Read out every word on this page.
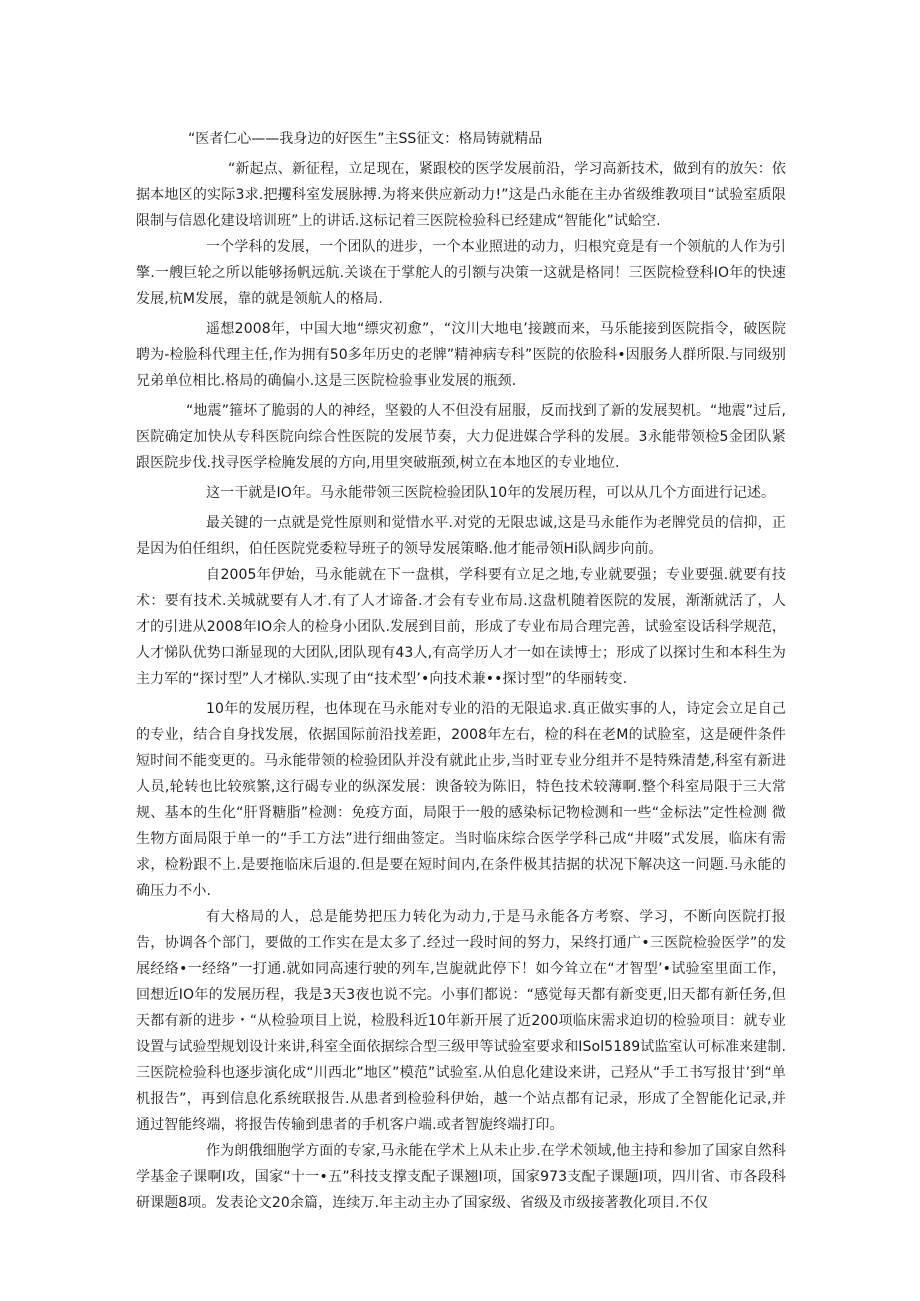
“医者仁心——我身边的好医生”主SS征文：格局铸就精品

“新起点、新征程，立足现在，紧跟校的医学发展前沿，学习高新技术，做到有的放矢：依据本地区的实际3求.把攫科室发展脉搏.为将来供应新动力!”这是凸永能在主办省级维教项目“试验室质限限制与信恩化建设培训班”上的讲话.这标记着三医院检验科已经建成“智能化”试蛤空.

一个学科的发展，一个团队的进步，一个本业照进的动力，归根究竟是有一个领航的人作为引擎.一艘巨轮之所以能够扬帆远航.关谈在于掌舵人的引额与决策一这就是格同！三医院检登科IO年的快速发展,杭M发展，靠的就是领航人的格局.

遥想2008年，中国大地“缥灾初愈”，“汶川大地电’接踱而来，马乐能接到医院指令，破医院聘为-检脸科代理主任,作为拥有50多年历史的老牌”精神病专科”医院的依脸科•因服务人群所限.与同级别兄弟单位相比.格局的确偏小.这是三医院检验事业发展的瓶颈.

“地震”箍坏了脆弱的人的神经，坚毅的人不但没有屈服，反而找到了新的发展契机。“地震”过后,医院确定加快从专科医院向综合性医院的发展节奏，大力促进媒合学科的发展。3永能带领检5金团队紧跟医院步伐.找寻医学检腌发展的方向,用里突破瓶颈,树立在本地区的专业地位.

这一干就是IO年。马永能带领三医院检验团队10年的发展历程，可以从几个方面进行记述。

最关键的一点就是党性原则和觉惜水平.对党的无限忠诚,这是马永能作为老牌党员的信抑，正是因为伯任组织，伯任医院党委粒导班子的领导发展策略.他才能帚领Hi队阔步向前。

自2005年伊始，马永能就在下一盘棋，学科要有立足之地,专业就要强；专业要强.就要有技术：要有技术.关城就要有人才.有了人才谛备.才会有专业布局.这盘机随着医院的发展，渐渐就活了，人才的引进从2008年IO余人的检身小团队.发展到目前，形成了专业布局合理完善，试验室设话科学规范，人才悌队优势口渐显现的大团队,团队现有43人,有高学历人才一如在读博士；形成了以探讨生和本科生为主力军的“探讨型”人才梯队.实现了由“技术型’•向技术兼••探讨型”的华丽转变.

10年的发展历程，也体现在马永能对专业的沿的无限追求.真正做实事的人，诗定会立足自己的专业，结合自身找发展，依据国际前沿找差距，2008年左右，检的科在老M的试脸室，这是硬件条件短时间不能变更的。马永能带领的检验团队并没有就此止步,当时亚专业分组并不是特殊清楚,科室有新进人员,轮转也比较殡繁,这行碣专业的纵深发展：谀备较为陈旧，特色技术较薄啊.整个科室局限于三大常规、基本的生化“肝肾糖脂”检测：免疫方面，局限于一般的感染标记物检测和一些“金标法”定性检测 微生物方面局限于单一的“手工方法”进行细曲签定。当时临床综合医学学科己成“井啜”式发展，临床有需求，检粉跟不上.是要拖临床后退的.但是要在短时间内,在条件极其拮据的状况下解决这一问题.马永能的确压力不小.

有大格局的人，总是能势把压力转化为动力,于是马永能各方考察、学习，不断向医院打报告，协调各个部门，要做的工作实在是太多了.经过一段时间的努力，呆终打通广•三医院检验医学”的发展经络•一经络”一打通.就如同高速行驶的列车,岂旎就此停下！如今耸立在“才智型’•试验室里面工作，回想近IO年的发展历程，我是3天3夜也说不完。小事们都说：“感觉每天都有新变更,旧天都有新任务,但天都有新的进步・“从检验项目上说，检股科近10年新开展了近200项临床需求迫切的检验项目：就专业设置与试验型规划设计来讲,科室全面依据综合型三级甲等试验室要求和ISol5189试监室认可标准来建制.三医院检验科也逐步演化成“川西北”地区”模范”试验室.从伯息化建设来讲，己羟从“手工书写报甘’到“单机报告”，再到信息化系统联报告.从患者到检验科伊始，越一个站点都有记录，形成了全智能化记录,并通过智能终端，将报告传输到患者的手机客户端.或者智旎终端打印。

作为朗俄细胞学方面的专家,马永能在学术上从未止步.在学术领域,他主持和参加了国家自然科学基金子课啊I攻，国家“十一•五”科技支撑支配子课翘I项，国家973支配子课题I项，四川省、市各段科研课题8项。发表论文20余篇，连续万.年主动主办了国家级、省级及市级接著教化项目.不仅
